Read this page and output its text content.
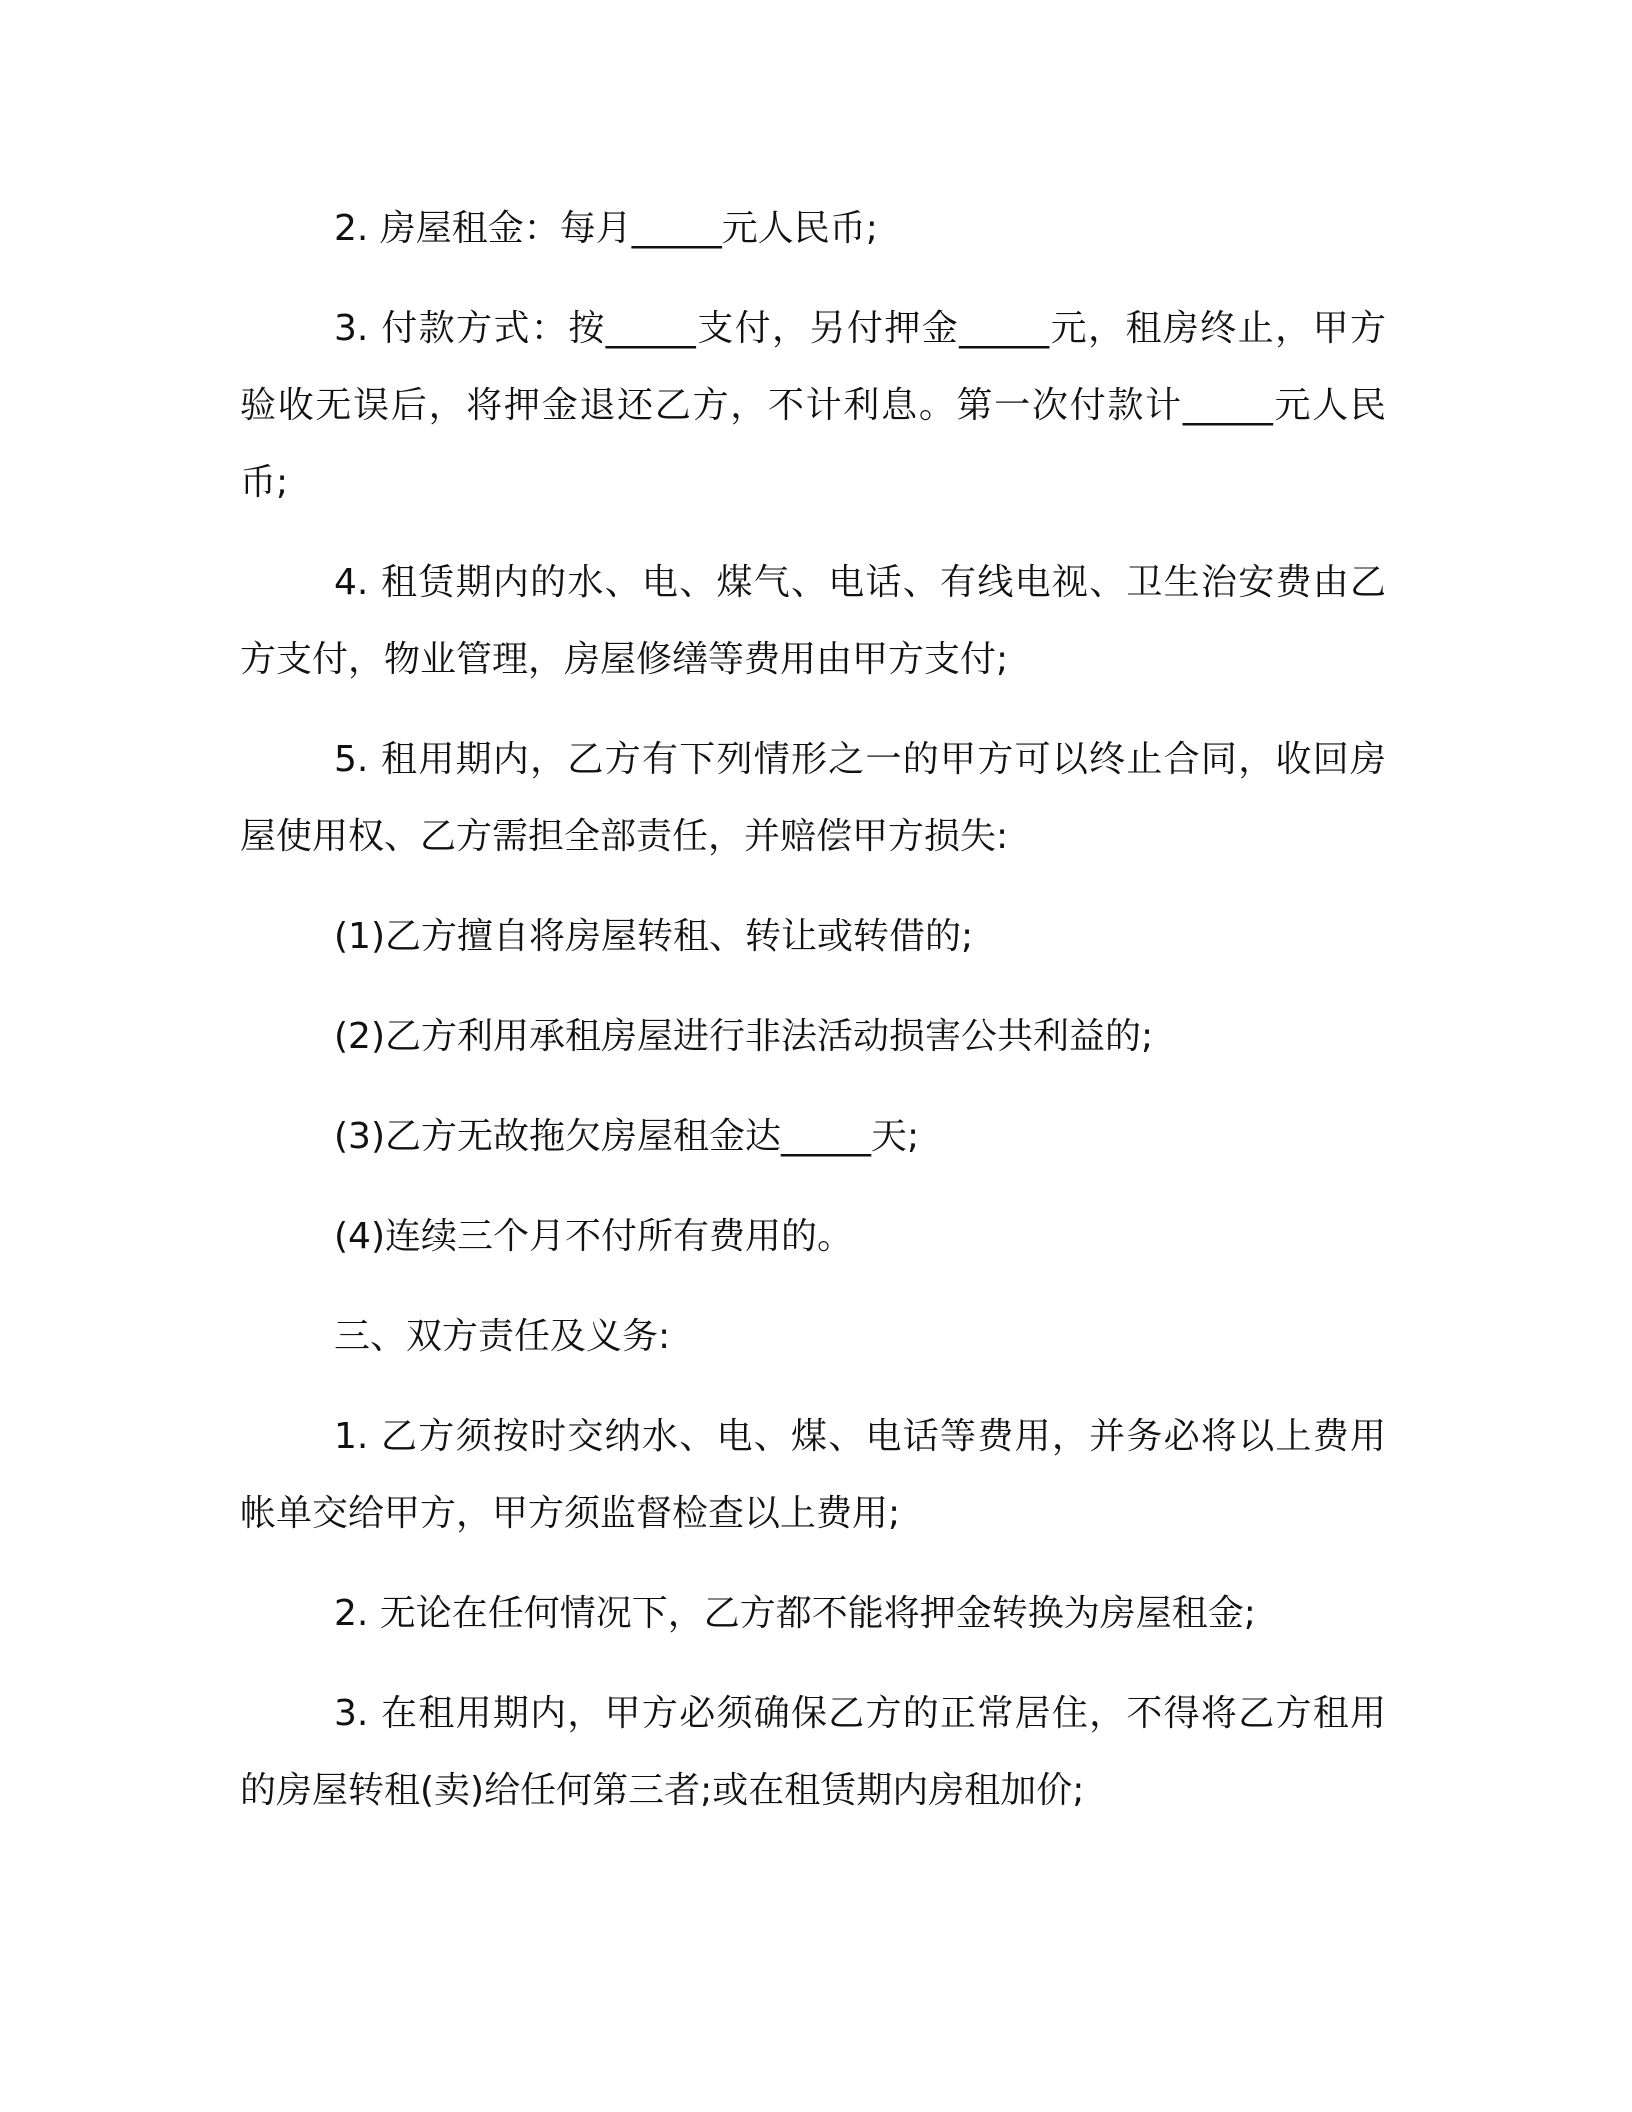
2. 房屋租金：每月_____元人民币;

3. 付款方式：按_____支付，另付押金_____元，租房终止，甲方验收无误后，将押金退还乙方，不计利息。第一次付款计_____元人民币;

4. 租赁期内的水、电、煤气、电话、有线电视、卫生治安费由乙方支付，物业管理，房屋修缮等费用由甲方支付;

5. 租用期内，乙方有下列情形之一的甲方可以终止合同，收回房屋使用权、乙方需担全部责任，并赔偿甲方损失:

(1)乙方擅自将房屋转租、转让或转借的;

(2)乙方利用承租房屋进行非法活动损害公共利益的;

(3)乙方无故拖欠房屋租金达_____天;

(4)连续三个月不付所有费用的。

三、双方责任及义务:

1. 乙方须按时交纳水、电、煤、电话等费用，并务必将以上费用帐单交给甲方，甲方须监督检查以上费用;

2. 无论在任何情况下，乙方都不能将押金转换为房屋租金;

3. 在租用期内，甲方必须确保乙方的正常居住，不得将乙方租用的房屋转租(卖)给任何第三者;或在租赁期内房租加价;
